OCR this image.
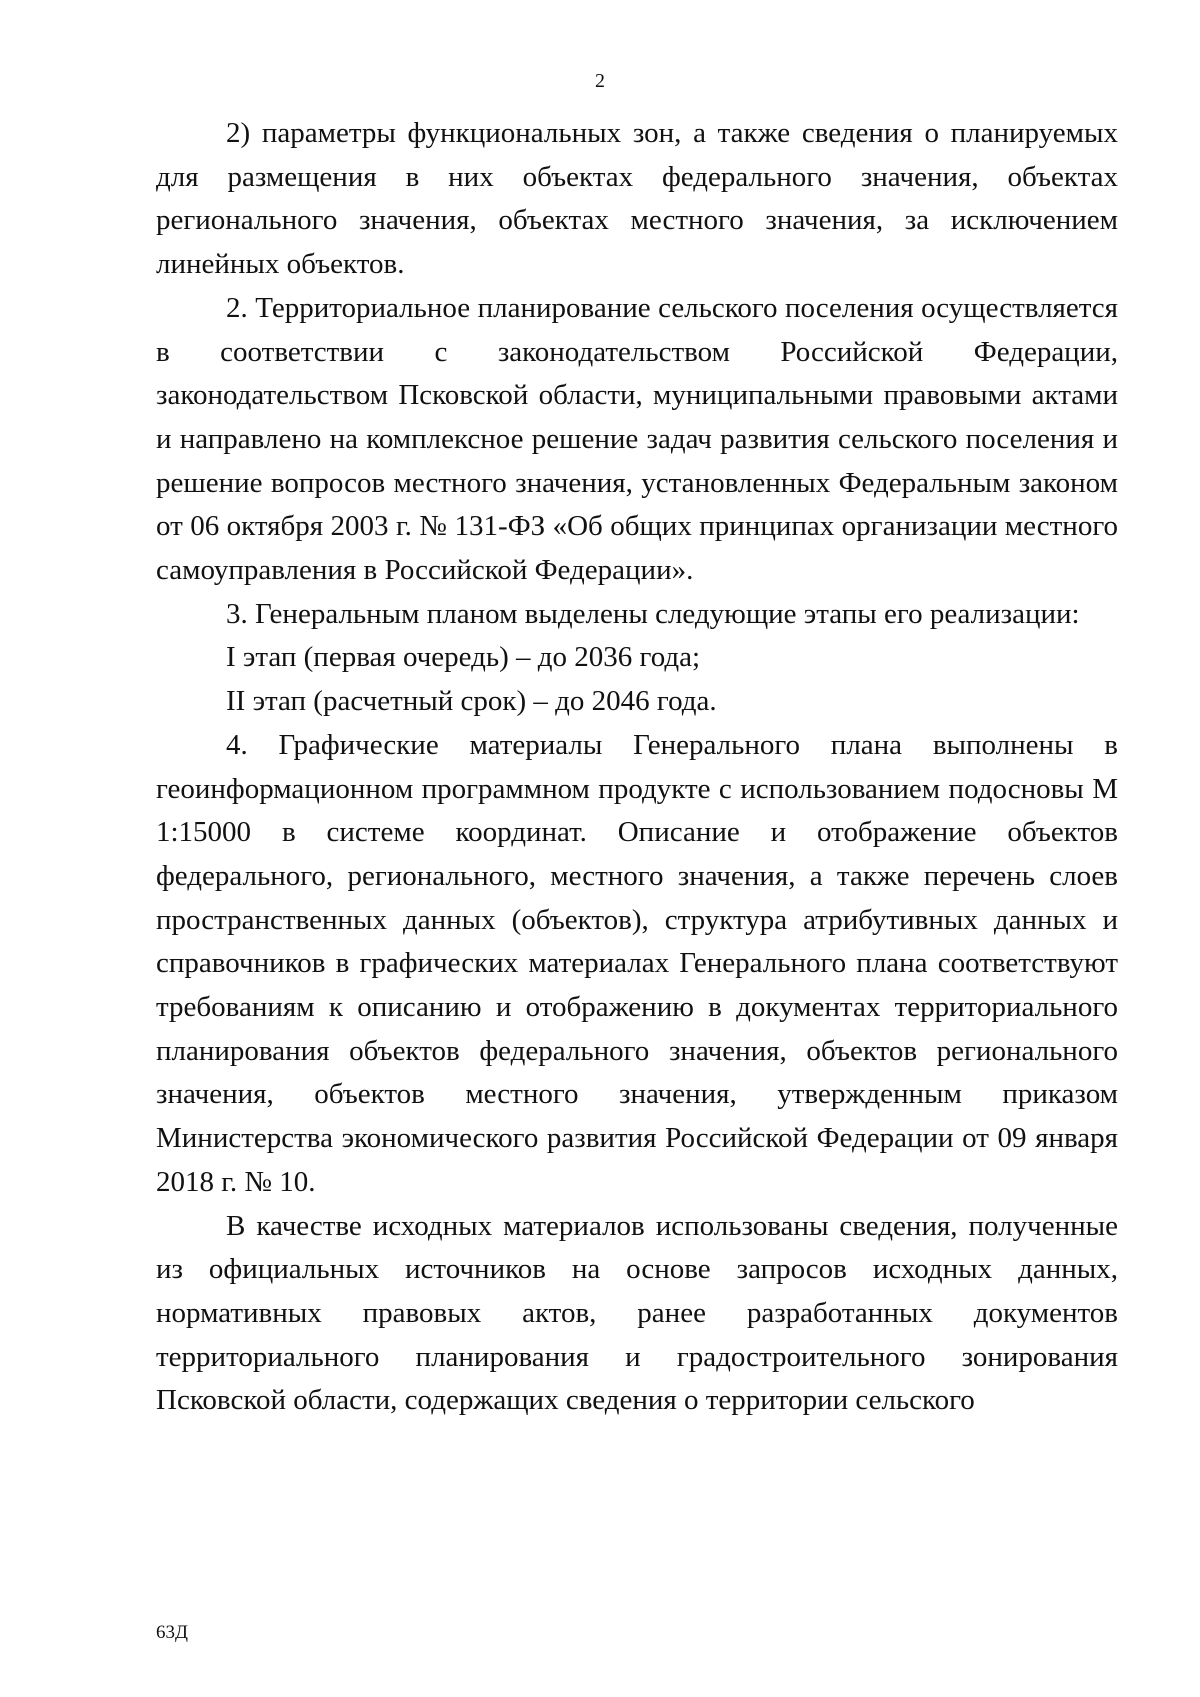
2

2) параметры функциональных зон, а также сведения о планируемых для размещения в них объектах федерального значения, объектах регионального значения, объектах местного значения, за исключением линейных объектов.

2. Территориальное планирование сельского поселения осуществляется в соответствии с законодательством Российской Федерации, законодательством Псковской области, муниципальными правовыми актами и направлено на комплексное решение задач развития сельского поселения и решение вопросов местного значения, установленных Федеральным законом от 06 октября 2003 г. № 131-ФЗ «Об общих принципах организации местного самоуправления в Российской Федерации».

3. Генеральным планом выделены следующие этапы его реализации:

I этап (первая очередь) – до 2036 года;

II этап (расчетный срок) – до 2046 года.

4. Графические материалы Генерального плана выполнены в геоинформационном программном продукте с использованием подосновы М 1:15000 в системе координат. Описание и отображение объектов федерального, регионального, местного значения, а также перечень слоев пространственных данных (объектов), структура атрибутивных данных и справочников в графических материалах Генерального плана соответствуют требованиям к описанию и отображению в документах территориального планирования объектов федерального значения, объектов регионального значения, объектов местного значения, утвержденным приказом Министерства экономического развития Российской Федерации от 09 января 2018 г. № 10.

В качестве исходных материалов использованы сведения, полученные из официальных источников на основе запросов исходных данных, нормативных правовых актов, ранее разработанных документов территориального планирования и градостроительного зонирования Псковской области, содержащих сведения о территории сельского

63Д
